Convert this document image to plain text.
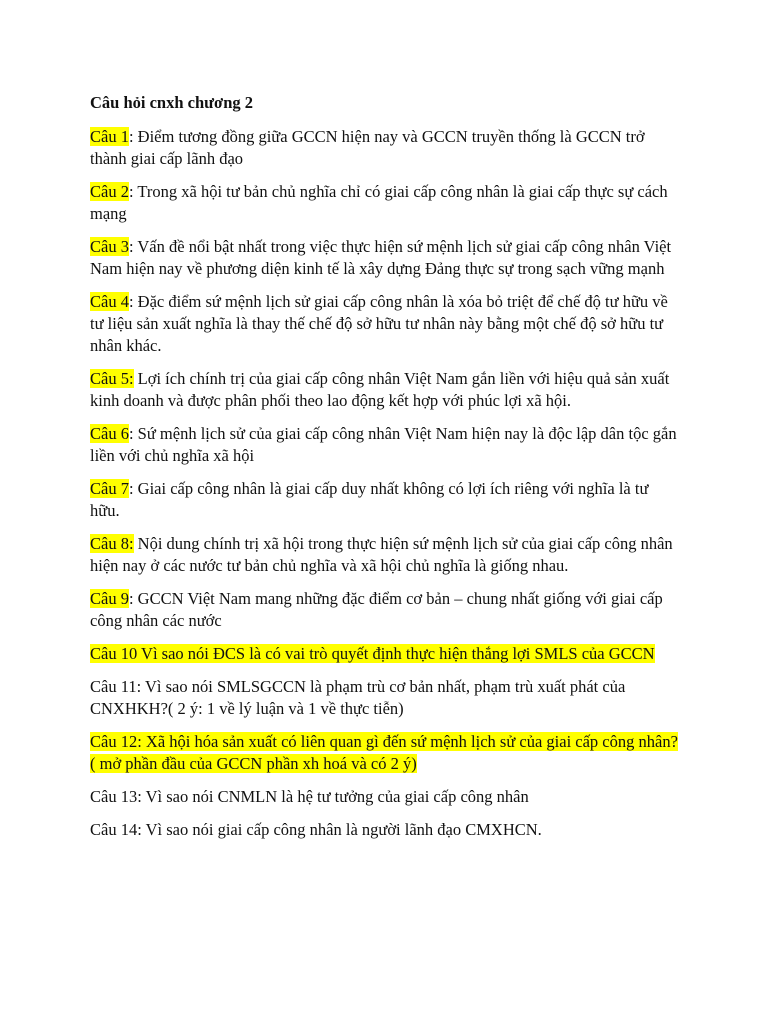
Câu hỏi cnxh chương 2

Câu 1: Điểm tương đồng giữa GCCN hiện nay và GCCN truyền thống là GCCN trở thành giai cấp lãnh đạo

Câu 2: Trong xã hội tư bản chủ nghĩa chỉ có giai cấp công nhân là giai cấp thực sự cách mạng

Câu 3: Vấn đề nổi bật nhất trong việc thực hiện sứ mệnh lịch sử giai cấp công nhân Việt Nam hiện nay về phương diện kinh tế là xây dựng Đảng thực sự trong sạch vững mạnh

Câu 4: Đặc điểm sứ mệnh lịch sử giai cấp công nhân là xóa bỏ triệt để chế độ tư hữu về tư liệu sản xuất nghĩa là thay thế chế độ sở hữu tư nhân này bằng một chế độ sở hữu tư nhân khác.

Câu 5: Lợi ích chính trị của giai cấp công nhân Việt Nam gắn liền với hiệu quả sản xuất kinh doanh và được phân phối theo lao động kết hợp với phúc lợi xã hội.

Câu 6: Sứ mệnh lịch sử của giai cấp công nhân Việt Nam hiện nay là độc lập dân tộc gắn liền với chủ nghĩa xã hội

Câu 7: Giai cấp công nhân là giai cấp duy nhất không có lợi ích riêng với nghĩa là tư hữu.

Câu 8: Nội dung chính trị xã hội trong thực hiện sứ mệnh lịch sử của giai cấp công nhân hiện nay ở các nước tư bản chủ nghĩa và xã hội chủ nghĩa là giống nhau.

Câu 9: GCCN Việt Nam mang những đặc điểm cơ bản – chung nhất giống với giai cấp công nhân các nước

Câu 10 Vì sao nói ĐCS là có vai trò quyết định thực hiện thắng lợi SMLS của GCCN

Câu 11: Vì sao nói SMLSGCCN là phạm trù cơ bản nhất, phạm trù xuất phát của CNXHKH?( 2 ý: 1 về lý luận và 1 về thực tiễn)

Câu 12: Xã hội hóa sản xuất có liên quan gì đến sứ mệnh lịch sử của giai cấp công nhân?( mở phần đầu của GCCN phần xh hoá và có 2 ý)

Câu 13: Vì sao nói CNMLN là hệ tư tưởng của giai cấp công nhân

Câu 14: Vì sao nói giai cấp công nhân là người lãnh đạo CMXHCN.
